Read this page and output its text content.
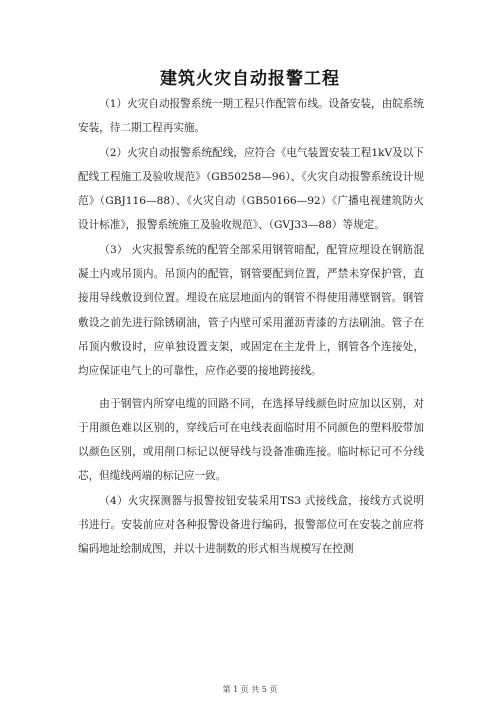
建筑火灾自动报警工程

（1）火灾自动报警系统一期工程只作配管布线。设备安装，由皖系统安装，待二期工程再实施。

（2）火灾自动报警系统配线，应符合《电气装置安装工程1kV及以下配线工程施工及验收规范》（GB50258—96）、《火灾自动报警系统设计规范》（GBJ116—88）、《火灾自动（GB50166—92）《广播电视建筑防火设计标准》，报警系统施工及验收规范》、（GVJ33—88）等规定。

（3） 火灾报警系统的配管全部采用钢管暗配，配管应埋设在钢筋混凝土内或吊顶内。吊顶内的配管，钢管要配到位置，严禁未穿保护管，直接用导线敷设到位置。埋设在底层地面内的钢管不得使用薄壁钢管。钢管敷设之前先进行除锈刷油，管子内壁可采用灌沥青漆的方法刷油。管子在吊顶内敷设时，应单独设置支架，或固定在主龙骨上，钢管各个连接处，均应保证电气上的可靠性，应作必要的接地跨接线。

由于钢管内所穿电缆的回路不同，在选择导线颜色时应加以区别，对于用颜色难以区别的，穿线后可在电线表面临时用不同颜色的塑料胶带加以颜色区别，或用削口标记以便导线与设备准确连接。临时标记可不分线芯，但缆线两端的标记应一致。

（4）火灾探测器与报警按钮安装采用TS3 式接线盒，接线方式说明书进行。安装前应对各种报警设备进行编码，报警部位可在安装之前应将编码地址绘制成图，并以十进制数的形式相当规模写在控测

第 1 页 共 5 页
